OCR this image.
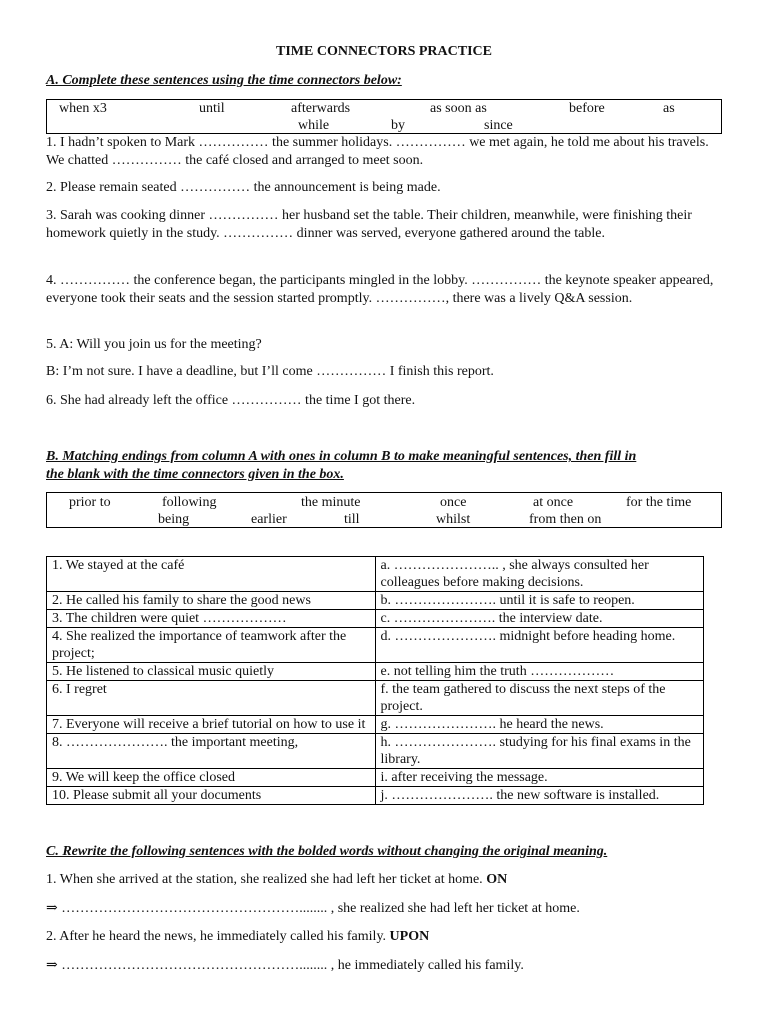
TIME CONNECTORS PRACTICE
A. Complete these sentences using the time connectors below:
when x3	until	afterwards	as soon as	before	as
while	by	since
1. I hadn’t spoken to Mark …………… the summer holidays. …………… we met again, he told me about his travels. We chatted …………… the café closed and arranged to meet soon.
2. Please remain seated …………… the announcement is being made.
3. Sarah was cooking dinner …………… her husband set the table. Their children, meanwhile, were finishing their homework quietly in the study. …………… dinner was served, everyone gathered around the table.
4. …………… the conference began, the participants mingled in the lobby. …………… the keynote speaker appeared, everyone took their seats and the session started promptly. ……………, there was a lively Q&A session.
5. A: Will you join us for the meeting?
B: I’m not sure. I have a deadline, but I’ll come …………… I finish this report.
6. She had already left the office …………… the time I got there.
B. Matching endings from column A with ones in column B to make meaningful sentences, then fill in
the blank with the time connectors given in the box.
prior to	following	the minute	once	at once	for the time
being	earlier	till	whilst	from then on
1. We stayed at the café	a. ………………….. , she always consulted her colleagues before making decisions.
2. He called his family to share the good news	b. …………………. until it is safe to reopen.
3. The children were quiet ………………	c. …………………. the interview date.
4. She realized the importance of teamwork after the project;	d. …………………. midnight before heading home.
5. He listened to classical music quietly	e. not telling him the truth ………………
6. I regret	f. the team gathered to discuss the next steps of the project.
7. Everyone will receive a brief tutorial on how to use it	g. …………………. he heard the news.
8. …………………. the important meeting,	h. …………………. studying for his final exams in the library.
9. We will keep the office closed	i. after receiving the message.
10. Please submit all your documents	j. …………………. the new software is installed.
C. Rewrite the following sentences with the bolded words without changing the original meaning.
1. When she arrived at the station, she realized she had left her ticket at home. ON
⇒ ……………………………………………........ , she realized she had left her ticket at home.
2. After he heard the news, he immediately called his family. UPON
⇒ ……………………………………………........ , he immediately called his family.
